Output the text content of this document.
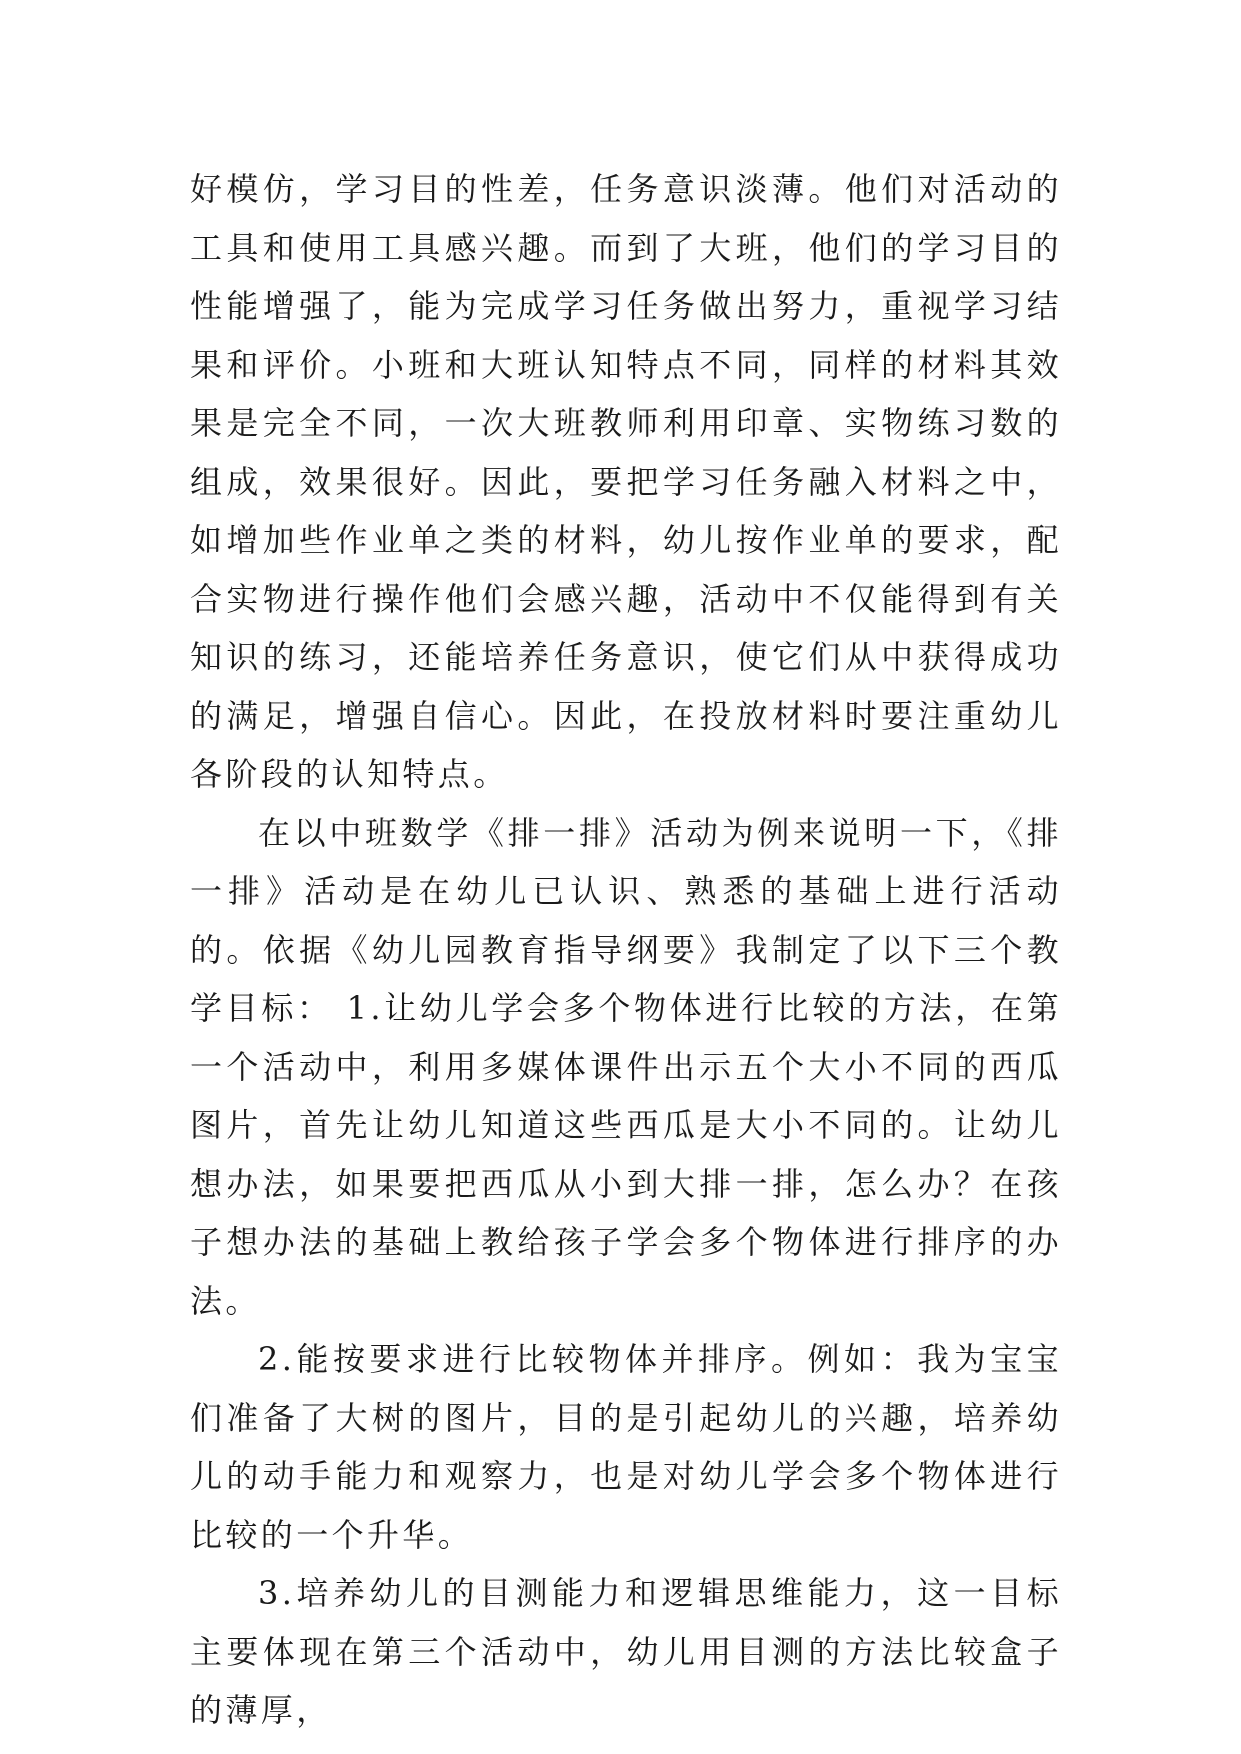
好模仿，学习目的性差，任务意识淡薄。他们对活动的工具和使用工具感兴趣。而到了大班，他们的学习目的性能增强了，能为完成学习任务做出努力，重视学习结果和评价。小班和大班认知特点不同，同样的材料其效果是完全不同，一次大班教师利用印章、实物练习数的组成，效果很好。因此，要把学习任务融入材料之中，如增加些作业单之类的材料，幼儿按作业单的要求，配合实物进行操作他们会感兴趣，活动中不仅能得到有关知识的练习，还能培养任务意识，使它们从中获得成功的满足，增强自信心。因此，在投放材料时要注重幼儿各阶段的认知特点。

在以中班数学《排一排》活动为例来说明一下，《排一排》活动是在幼儿已认识、熟悉的基础上进行活动的。依据《幼儿园教育指导纲要》我制定了以下三个教学目标： 1.让幼儿学会多个物体进行比较的方法，在第一个活动中，利用多媒体课件出示五个大小不同的西瓜图片，首先让幼儿知道这些西瓜是大小不同的。让幼儿想办法，如果要把西瓜从小到大排一排，怎么办？在孩子想办法的基础上教给孩子学会多个物体进行排序的办法。

2.能按要求进行比较物体并排序。例如：我为宝宝们准备了大树的图片，目的是引起幼儿的兴趣，培养幼儿的动手能力和观察力，也是对幼儿学会多个物体进行比较的一个升华。

3.培养幼儿的目测能力和逻辑思维能力，这一目标主要体现在第三个活动中，幼儿用目测的方法比较盒子的薄厚，
